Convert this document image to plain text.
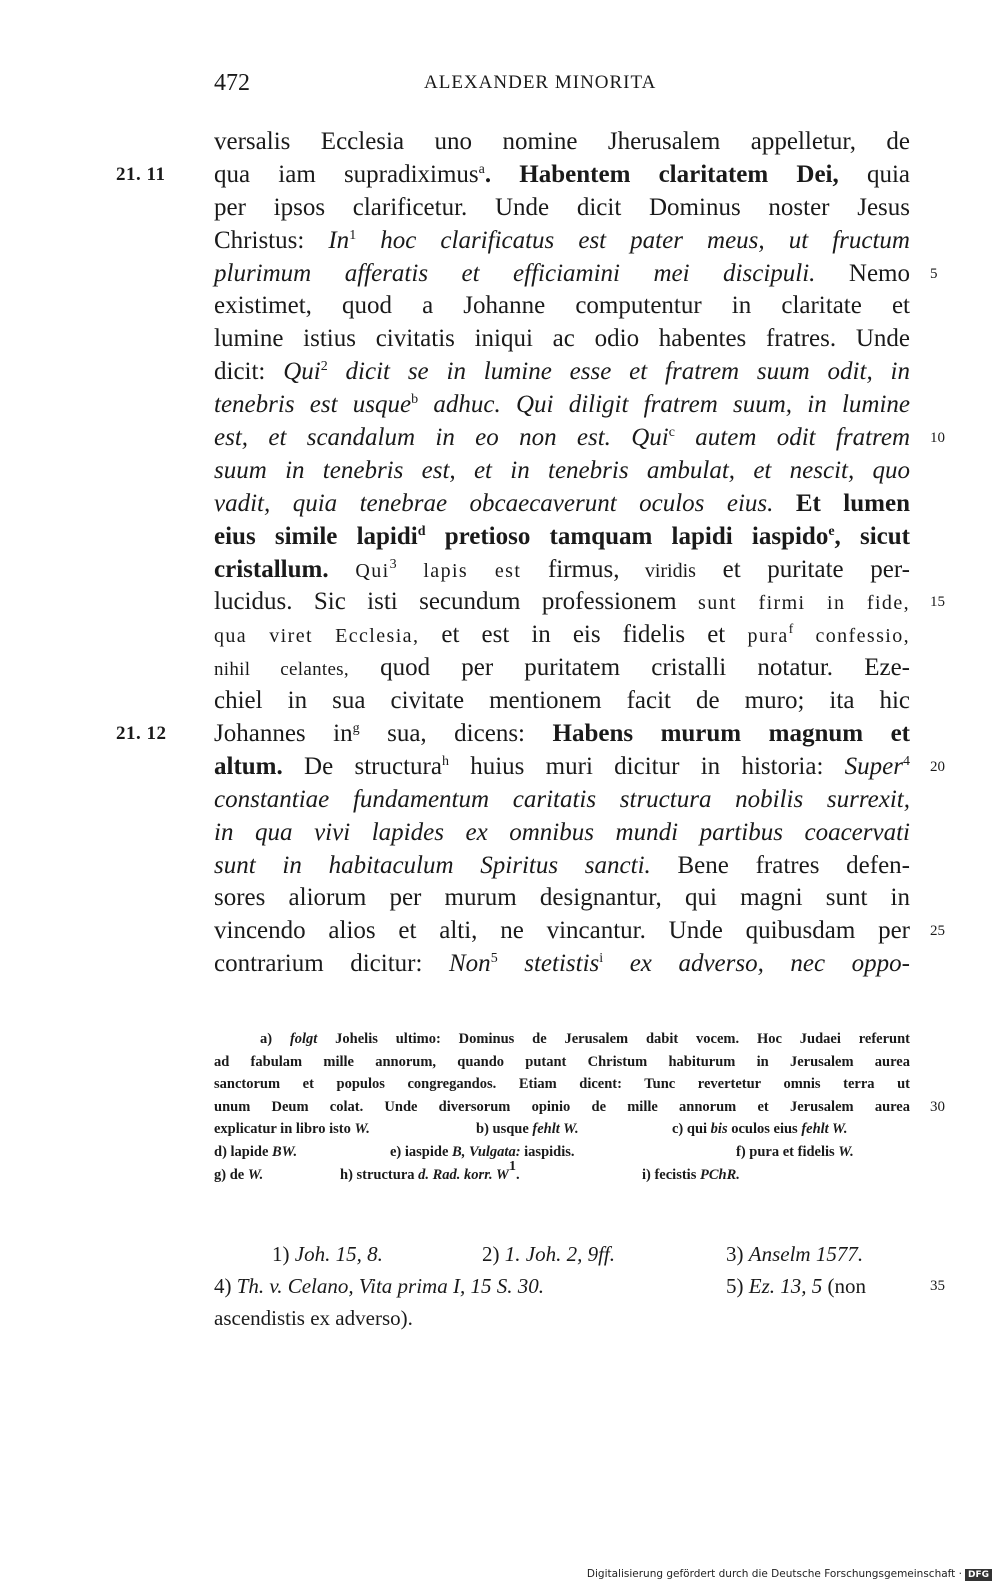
472	ALEXANDER MINORITA
versalis Ecclesia uno nomine Jherusalem appelletur, de
21. 11 qua iam supradiximus$^a$. Habentem claritatem Dei, quia
per ipsos clarificetur. Unde dicit Dominus noster Jesus
Christus: In$^1$ hoc clarificatus est pater meus, ut fructum
plurimum afferatis et efficiamini mei discipuli. Nemo 5
existimet, quod a Johanne computentur in claritate et
lumine istius civitatis iniqui ac odio habentes fratres. Unde
dicit: Qui$^2$ dicit se in lumine esse et fratrem suum odit, in
tenebris est usque$^b$ adhuc. Qui diligit fratrem suum, in lumine
est, et scandalum in eo non est. Qui$^c$ autem odit fratrem 10
suum in tenebris est, et in tenebris ambulat, et nescit, quo
vadit, quia tenebrae obcaecaverunt oculos eius. Et lumen
eius simile lapidi$^d$ pretioso tamquam lapidi iaspido$^e$, sicut
cristallum. Qui$^3$ lapis est firmus, viridis et puritate per-
lucidus. Sic isti secundum professionem sunt firmi in fide, 15
qua viret Ecclesia, et est in eis fidelis et pura$^f$ confessio,
nihil celantes, quod per puritatem cristalli notatur. Eze-
chiel in sua civitate mentionem facit de muro; ita hic
21. 12 Johannes $in^g$ sua, dicens: Habens murum magnum et
altum. De structura$^h$ huius muri dicitur in historia: Super$^4$ 20
constantiae fundamentum caritatis structura nobilis surrexit,
in qua vivi lapides ex omnibus mundi partibus coacervati
sunt in habitaculum Spiritus sancti. Bene fratres defen-
sores aliorum per murum designantur, qui magni sunt in
vincendo alios et alti, ne vincantur. Unde quibusdam per 25
contrarium dicitur: Non$^5$ stetistis$^i$ ex adverso, nec oppo-
a) folgt Johelis ultimo: Dominus de Jerusalem dabit vocem. Hoc Judaei referunt
ad fabulam mille annorum, quando putant Christum habiturum in Jerusalem aurea
sanctorum et populos congregandos. Etiam dicent: Tunc revertetur omnis terra ut
unum Deum colat. Unde diversorum opinio de mille annorum et Jerusalem aurea 30
explicatur in libro isto W.	b) usque fehlt W.	c) qui bis oculos eius fehlt W.
d) lapide BW.	e) iaspide B, Vulgata: iaspidis.	f) pura et fidelis W.
g) de W.	h) structura d. Rad. korr. $W^1$.	i) fecistis PChR.
1) Joh. 15, 8.	2) 1. Joh. 2, 9ff.	3) Anselm 1577.
4) Th. v. Celano, Vita prima I, 15 S. 30.	5) Ez. 13, 5 (non	35
ascendistis ex adverso).
Digitalisierung gefördert durch die Deutsche Forschungsgemeinschaft · DFG
